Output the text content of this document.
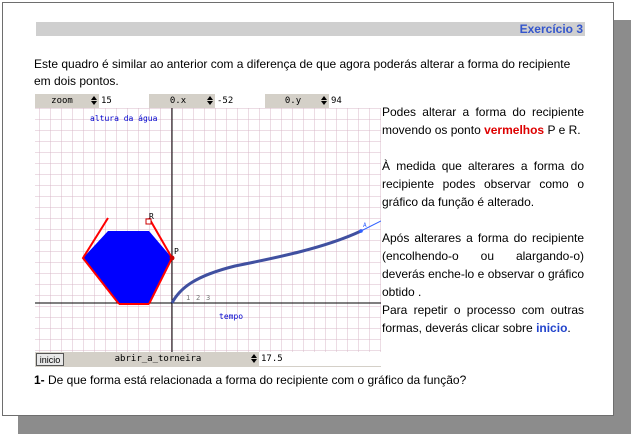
Exercício 3
Este quadro é similar ao anterior com a diferença de que agora poderás alterar a forma do recipiente em dois pontos.
zoom	15	0.x	-52	0.y	94
altura da água
tempo
1 2 3
R
P
A
inicio	abrir_a_torneira	17.5

Podes alterar a forma do recipiente movendo os ponto vermelhos P e R.

À medida que alterares a forma do recipiente podes observar como o gráfico da função é alterado.

Após alterares a forma do recipiente (encolhendo-o ou alargando-o) deverás enche-lo e observar o gráfico obtido .

Para repetir o processo com outras formas, deverás clicar sobre inicio.

1- De que forma está relacionada a forma do recipiente com o gráfico da função?
